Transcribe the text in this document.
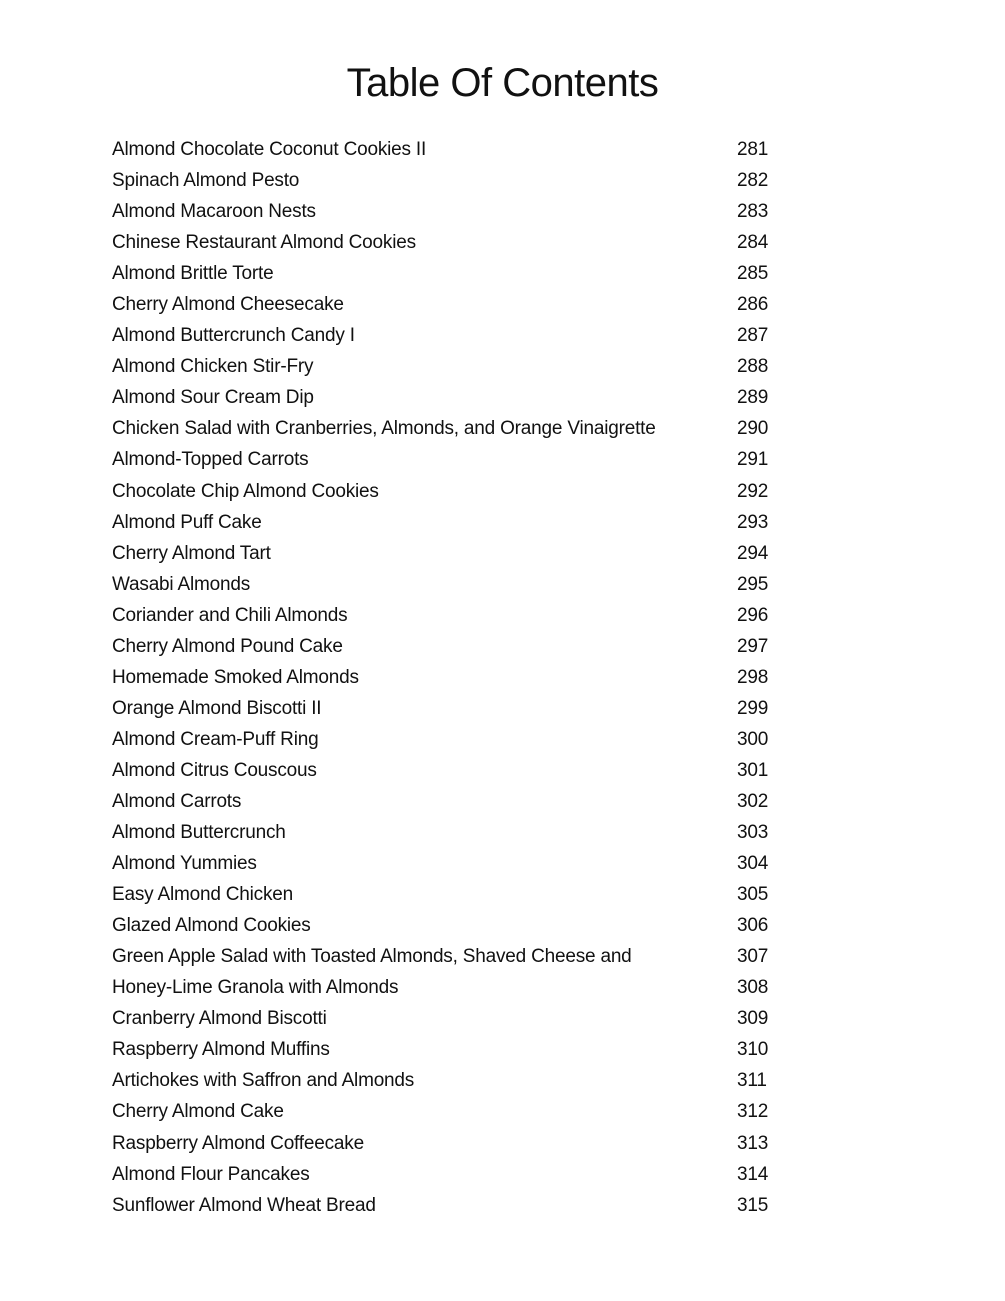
Table Of Contents
Almond Chocolate Coconut Cookies II	281
Spinach Almond Pesto	282
Almond Macaroon Nests	283
Chinese Restaurant Almond Cookies	284
Almond Brittle Torte	285
Cherry Almond Cheesecake	286
Almond Buttercrunch Candy I	287
Almond Chicken Stir-Fry	288
Almond Sour Cream Dip	289
Chicken Salad with Cranberries, Almonds, and Orange Vinaigrette	290
Almond-Topped Carrots	291
Chocolate Chip Almond Cookies	292
Almond Puff Cake	293
Cherry Almond Tart	294
Wasabi Almonds	295
Coriander and Chili Almonds	296
Cherry Almond Pound Cake	297
Homemade Smoked Almonds	298
Orange Almond Biscotti II	299
Almond Cream-Puff Ring	300
Almond Citrus Couscous	301
Almond Carrots	302
Almond Buttercrunch	303
Almond Yummies	304
Easy Almond Chicken	305
Glazed Almond Cookies	306
Green Apple Salad with Toasted Almonds, Shaved Cheese and	307
Honey-Lime Granola with Almonds	308
Cranberry Almond Biscotti	309
Raspberry Almond Muffins	310
Artichokes with Saffron and Almonds	311
Cherry Almond Cake	312
Raspberry Almond Coffeecake	313
Almond Flour Pancakes	314
Sunflower Almond Wheat Bread	315
